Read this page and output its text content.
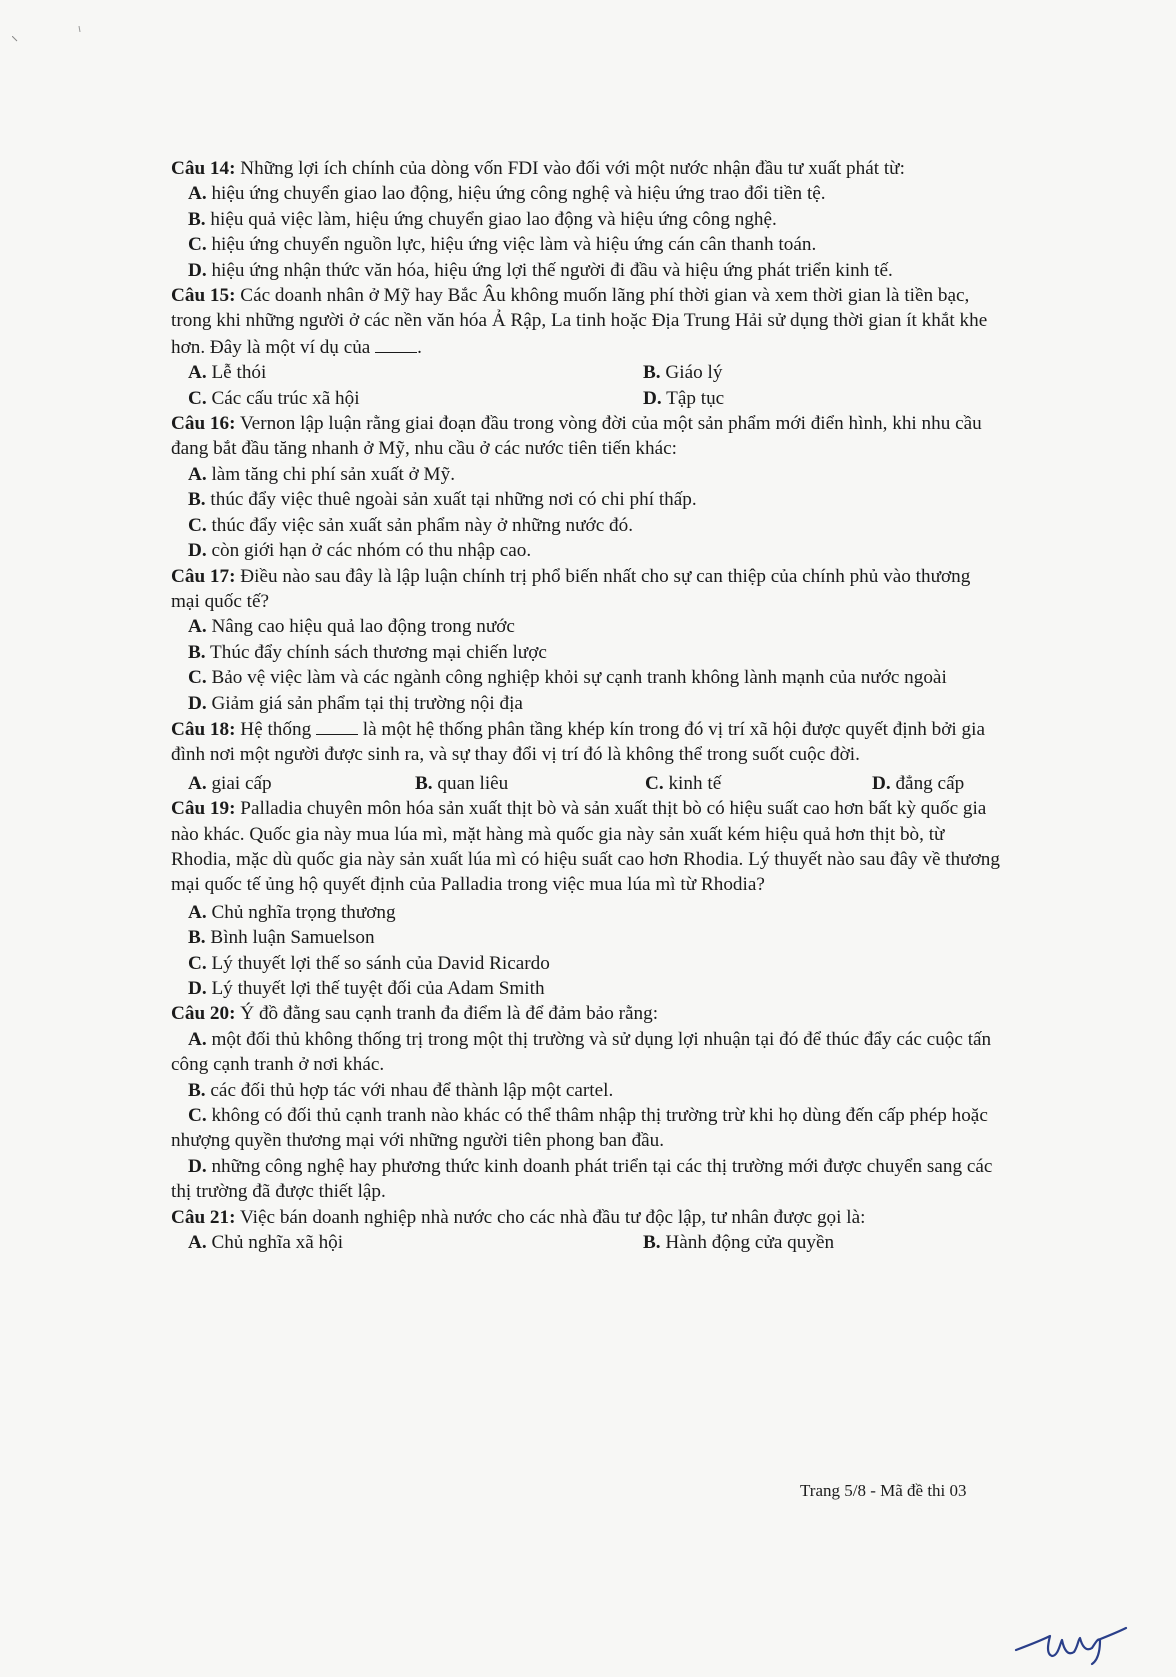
Câu 14: Những lợi ích chính của dòng vốn FDI vào đối với một nước nhận đầu tư xuất phát từ:

A. hiệu ứng chuyển giao lao động, hiệu ứng công nghệ và hiệu ứng trao đổi tiền tệ.

B. hiệu quả việc làm, hiệu ứng chuyển giao lao động và hiệu ứng công nghệ.

C. hiệu ứng chuyển nguồn lực, hiệu ứng việc làm và hiệu ứng cán cân thanh toán.

D. hiệu ứng nhận thức văn hóa, hiệu ứng lợi thế người đi đầu và hiệu ứng phát triển kinh tế.

Câu 15: Các doanh nhân ở Mỹ hay Bắc Âu không muốn lãng phí thời gian và xem thời gian là tiền bạc, trong khi những người ở các nền văn hóa Ả Rập, La tinh hoặc Địa Trung Hải sử dụng thời gian ít khắt khe hơn. Đây là một ví dụ của .

A. Lễ thói	B. Giáo lý
C. Các cấu trúc xã hội	D. Tập tục

Câu 16: Vernon lập luận rằng giai đoạn đầu trong vòng đời của một sản phẩm mới điển hình, khi nhu cầu đang bắt đầu tăng nhanh ở Mỹ, nhu cầu ở các nước tiên tiến khác:

A. làm tăng chi phí sản xuất ở Mỹ.

B. thúc đẩy việc thuê ngoài sản xuất tại những nơi có chi phí thấp.

C. thúc đẩy việc sản xuất sản phẩm này ở những nước đó.

D. còn giới hạn ở các nhóm có thu nhập cao.

Câu 17: Điều nào sau đây là lập luận chính trị phổ biến nhất cho sự can thiệp của chính phủ vào thương mại quốc tế?

A. Nâng cao hiệu quả lao động trong nước

B. Thúc đẩy chính sách thương mại chiến lược

C. Bảo vệ việc làm và các ngành công nghiệp khỏi sự cạnh tranh không lành mạnh của nước ngoài

D. Giảm giá sản phẩm tại thị trường nội địa

Câu 18: Hệ thống  là một hệ thống phân tầng khép kín trong đó vị trí xã hội được quyết định bởi gia đình nơi một người được sinh ra, và sự thay đổi vị trí đó là không thể trong suốt cuộc đời.

A. giai cấp	B. quan liêu	C. kinh tế	D. đẳng cấp

Câu 19: Palladia chuyên môn hóa sản xuất thịt bò và sản xuất thịt bò có hiệu suất cao hơn bất kỳ quốc gia nào khác. Quốc gia này mua lúa mì, mặt hàng mà quốc gia này sản xuất kém hiệu quả hơn thịt bò, từ Rhodia, mặc dù quốc gia này sản xuất lúa mì có hiệu suất cao hơn Rhodia. Lý thuyết nào sau đây về thương mại quốc tế ủng hộ quyết định của Palladia trong việc mua lúa mì từ Rhodia?

A. Chủ nghĩa trọng thương

B. Bình luận Samuelson

C. Lý thuyết lợi thế so sánh của David Ricardo

D. Lý thuyết lợi thế tuyệt đối của Adam Smith

Câu 20: Ý đồ đằng sau cạnh tranh đa điểm là để đảm bảo rằng:

A. một đối thủ không thống trị trong một thị trường và sử dụng lợi nhuận tại đó để thúc đẩy các cuộc tấn công cạnh tranh ở nơi khác.

B. các đối thủ hợp tác với nhau để thành lập một cartel.

C. không có đối thủ cạnh tranh nào khác có thể thâm nhập thị trường trừ khi họ dùng đến cấp phép hoặc nhượng quyền thương mại với những người tiên phong ban đầu.

D. những công nghệ hay phương thức kinh doanh phát triển tại các thị trường mới được chuyển sang các thị trường đã được thiết lập.

Câu 21: Việc bán doanh nghiệp nhà nước cho các nhà đầu tư độc lập, tư nhân được gọi là:

A. Chủ nghĩa xã hội	B. Hành động cửa quyền
Trang 5/8 - Mã đề thi 03
